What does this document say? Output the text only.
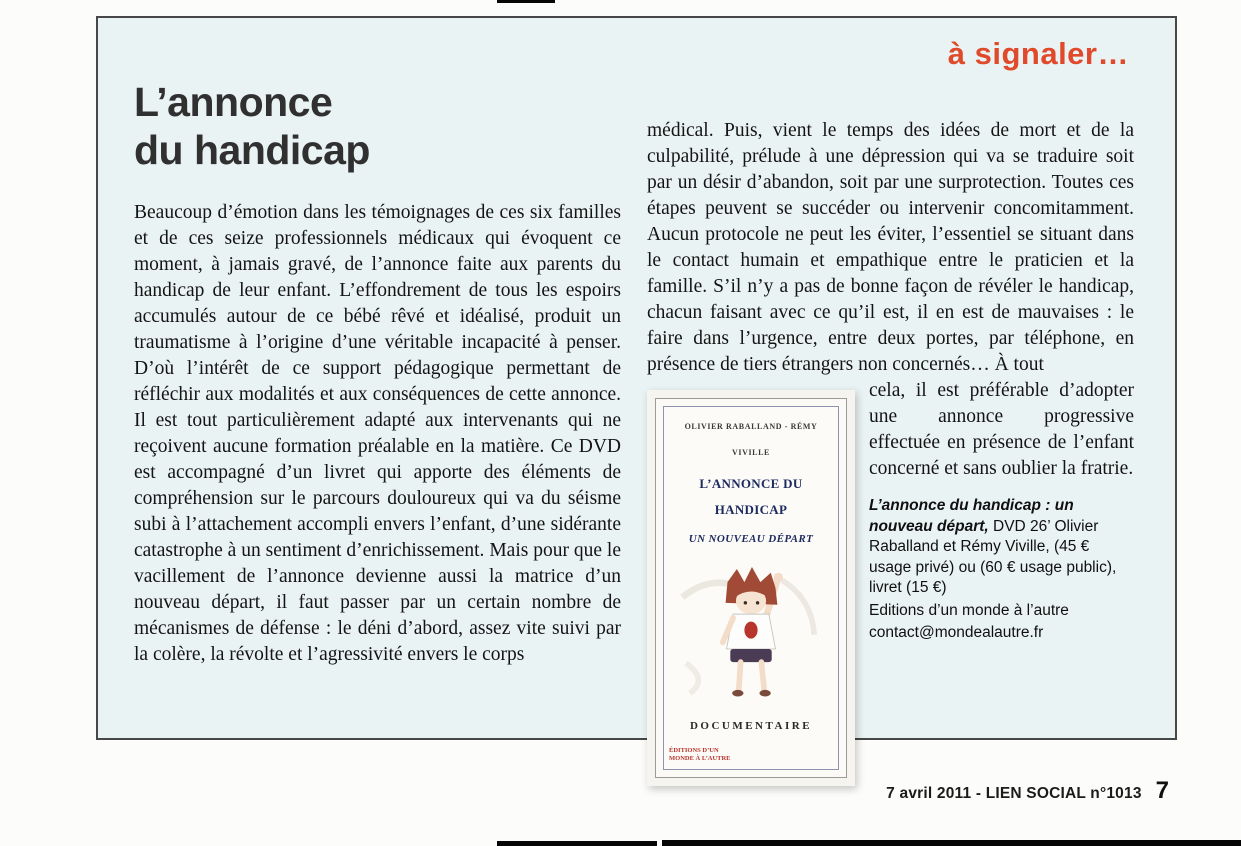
à signaler…
L’annonce
du handicap

Beaucoup d’émotion dans les témoignages de ces six familles et de ces seize professionnels médicaux qui évoquent ce moment, à jamais gravé, de l’annonce faite aux parents du handicap de leur enfant. L’effondrement de tous les espoirs accumulés autour de ce bébé rêvé et idéalisé, produit un traumatisme à l’origine d’une véritable incapacité à penser. D’où l’intérêt de ce support pédagogique permettant de réfléchir aux modalités et aux conséquences de cette annonce. Il est tout particulièrement adapté aux intervenants qui ne reçoivent aucune formation préalable en la matière. Ce DVD est accompagné d’un livret qui apporte des éléments de compréhension sur le parcours douloureux qui va du séisme subi à l’attachement accompli envers l’enfant, d’une sidérante catastrophe à un sentiment d’enrichissement. Mais pour que le vacillement de l’annonce devienne aussi la matrice d’un nouveau départ, il faut passer par un certain nombre de mécanismes de défense : le déni d’abord, assez vite suivi par la colère, la révolte et l’agressivité envers le corps

médical. Puis, vient le temps des idées de mort et de la culpabilité, prélude à une dépression qui va se traduire soit par un désir d’abandon, soit par une surprotection. Toutes ces étapes peuvent se succéder ou intervenir concomitamment. Aucun protocole ne peut les éviter, l’essentiel se situant dans le contact humain et empathique entre le praticien et la famille. S’il n’y a pas de bonne façon de révéler le handicap, chacun faisant avec ce qu’il est, il en est de mauvaises : le faire dans l’urgence, entre deux portes, par téléphone, en présence de tiers étrangers non concernés… À tout

OLIVIER RABALLAND - RÉMY VIVILLE
L’ANNONCE DU HANDICAP
UN NOUVEAU DÉPART
DOCUMENTAIRE
ÉDITIONS D’UN MONDE À L’AUTRE

cela, il est préférable d’adopter une annonce progressive effectuée en présence de l’enfant concerné et sans oublier la fratrie.

L’annonce du handicap : un nouveau départ, DVD 26’ Olivier Raballand et Rémy Viville, (45 € usage privé) ou (60 € usage public), livret (15 €)

Editions d’un monde à l’autre
contact@mondealautre.fr
7 avril 2011 - LIEN SOCIAL n°1013 7
